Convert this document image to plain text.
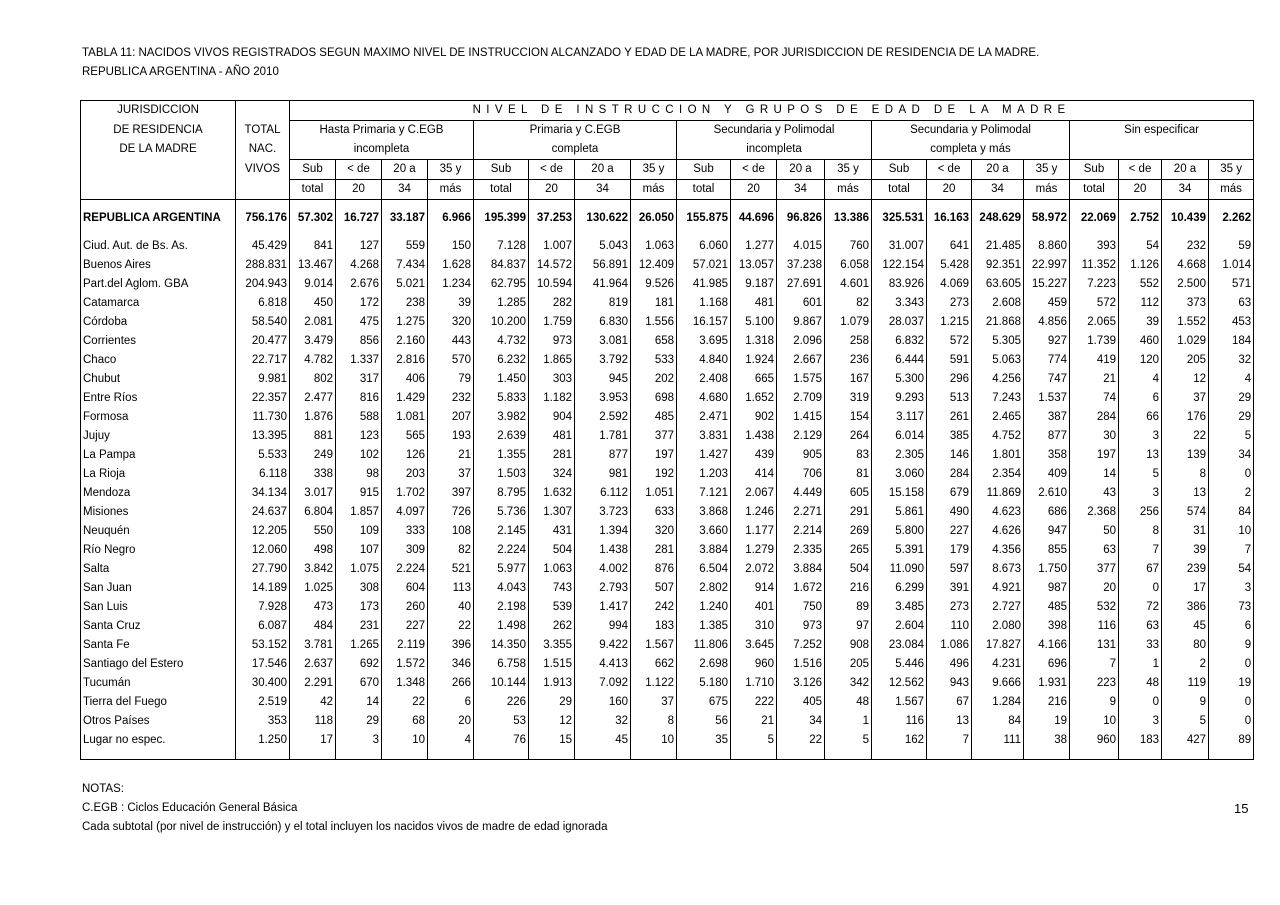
TABLA 11: NACIDOS VIVOS REGISTRADOS SEGUN MAXIMO NIVEL DE INSTRUCCION ALCANZADO Y EDAD DE LA MADRE, POR JURISDICCION DE RESIDENCIA DE LA MADRE.
REPUBLICA ARGENTINA - AÑO 2010
JURISDICCION		NIVEL DE INSTRUCCION Y GRUPOS DE EDAD DE LA MADRE																			
DE RESIDENCIA	TOTAL	Hasta Primaria y C.EGB				Primaria y C.EGB				Secundaria y Polimodal				Secundaria y Polimodal				Sin especificar			
DE LA MADRE	NAC.	incompleta				completa				incompleta				completa y más							
	VIVOS	Sub	< de	20 a	35 y	Sub	< de	20 a	35 y	Sub	< de	20 a	35 y	Sub	< de	20 a	35 y	Sub	< de	20 a	35 y
		total	20	34	más	total	20	34	más	total	20	34	más	total	20	34	más	total	20	34	más

REPUBLICA ARGENTINA	756.176	57.302	16.727	33.187	6.966	195.399	37.253	130.622	26.050	155.875	44.696	96.826	13.386	325.531	16.163	248.629	58.972	22.069	2.752	10.439	2.262

Ciud. Aut. de Bs. As.	45.429	841	127	559	150	7.128	1.007	5.043	1.063	6.060	1.277	4.015	760	31.007	641	21.485	8.860	393	54	232	59
Buenos Aires	288.831	13.467	4.268	7.434	1.628	84.837	14.572	56.891	12.409	57.021	13.057	37.238	6.058	122.154	5.428	92.351	22.997	11.352	1.126	4.668	1.014
Part.del Aglom. GBA	204.943	9.014	2.676	5.021	1.234	62.795	10.594	41.964	9.526	41.985	9.187	27.691	4.601	83.926	4.069	63.605	15.227	7.223	552	2.500	571
Catamarca	6.818	450	172	238	39	1.285	282	819	181	1.168	481	601	82	3.343	273	2.608	459	572	112	373	63
Córdoba	58.540	2.081	475	1.275	320	10.200	1.759	6.830	1.556	16.157	5.100	9.867	1.079	28.037	1.215	21.868	4.856	2.065	39	1.552	453
Corrientes	20.477	3.479	856	2.160	443	4.732	973	3.081	658	3.695	1.318	2.096	258	6.832	572	5.305	927	1.739	460	1.029	184
Chaco	22.717	4.782	1.337	2.816	570	6.232	1.865	3.792	533	4.840	1.924	2.667	236	6.444	591	5.063	774	419	120	205	32
Chubut	9.981	802	317	406	79	1.450	303	945	202	2.408	665	1.575	167	5.300	296	4.256	747	21	4	12	4
Entre Ríos	22.357	2.477	816	1.429	232	5.833	1.182	3.953	698	4.680	1.652	2.709	319	9.293	513	7.243	1.537	74	6	37	29
Formosa	11.730	1.876	588	1.081	207	3.982	904	2.592	485	2.471	902	1.415	154	3.117	261	2.465	387	284	66	176	29
Jujuy	13.395	881	123	565	193	2.639	481	1.781	377	3.831	1.438	2.129	264	6.014	385	4.752	877	30	3	22	5
La Pampa	5.533	249	102	126	21	1.355	281	877	197	1.427	439	905	83	2.305	146	1.801	358	197	13	139	34
La Rioja	6.118	338	98	203	37	1.503	324	981	192	1.203	414	706	81	3.060	284	2.354	409	14	5	8	0
Mendoza	34.134	3.017	915	1.702	397	8.795	1.632	6.112	1.051	7.121	2.067	4.449	605	15.158	679	11.869	2.610	43	3	13	2
Misiones	24.637	6.804	1.857	4.097	726	5.736	1.307	3.723	633	3.868	1.246	2.271	291	5.861	490	4.623	686	2.368	256	574	84
Neuquén	12.205	550	109	333	108	2.145	431	1.394	320	3.660	1.177	2.214	269	5.800	227	4.626	947	50	8	31	10
Río Negro	12.060	498	107	309	82	2.224	504	1.438	281	3.884	1.279	2.335	265	5.391	179	4.356	855	63	7	39	7
Salta	27.790	3.842	1.075	2.224	521	5.977	1.063	4.002	876	6.504	2.072	3.884	504	11.090	597	8.673	1.750	377	67	239	54
San Juan	14.189	1.025	308	604	113	4.043	743	2.793	507	2.802	914	1.672	216	6.299	391	4.921	987	20	0	17	3
San Luis	7.928	473	173	260	40	2.198	539	1.417	242	1.240	401	750	89	3.485	273	2.727	485	532	72	386	73
Santa Cruz	6.087	484	231	227	22	1.498	262	994	183	1.385	310	973	97	2.604	110	2.080	398	116	63	45	6
Santa Fe	53.152	3.781	1.265	2.119	396	14.350	3.355	9.422	1.567	11.806	3.645	7.252	908	23.084	1.086	17.827	4.166	131	33	80	9
Santiago del Estero	17.546	2.637	692	1.572	346	6.758	1.515	4.413	662	2.698	960	1.516	205	5.446	496	4.231	696	7	1	2	0
Tucumán	30.400	2.291	670	1.348	266	10.144	1.913	7.092	1.122	5.180	1.710	3.126	342	12.562	943	9.666	1.931	223	48	119	19
Tierra del Fuego	2.519	42	14	22	6	226	29	160	37	675	222	405	48	1.567	67	1.284	216	9	0	9	0
Otros Países	353	118	29	68	20	53	12	32	8	56	21	34	1	116	13	84	19	10	3	5	0
Lugar no espec.	1.250	17	3	10	4	76	15	45	10	35	5	22	5	162	7	111	38	960	183	427	89

NOTAS:
C.EGB : Ciclos Educación General Básica
Cada subtotal (por nivel de instrucción) y el total incluyen los nacidos vivos de madre de edad ignorada
15
